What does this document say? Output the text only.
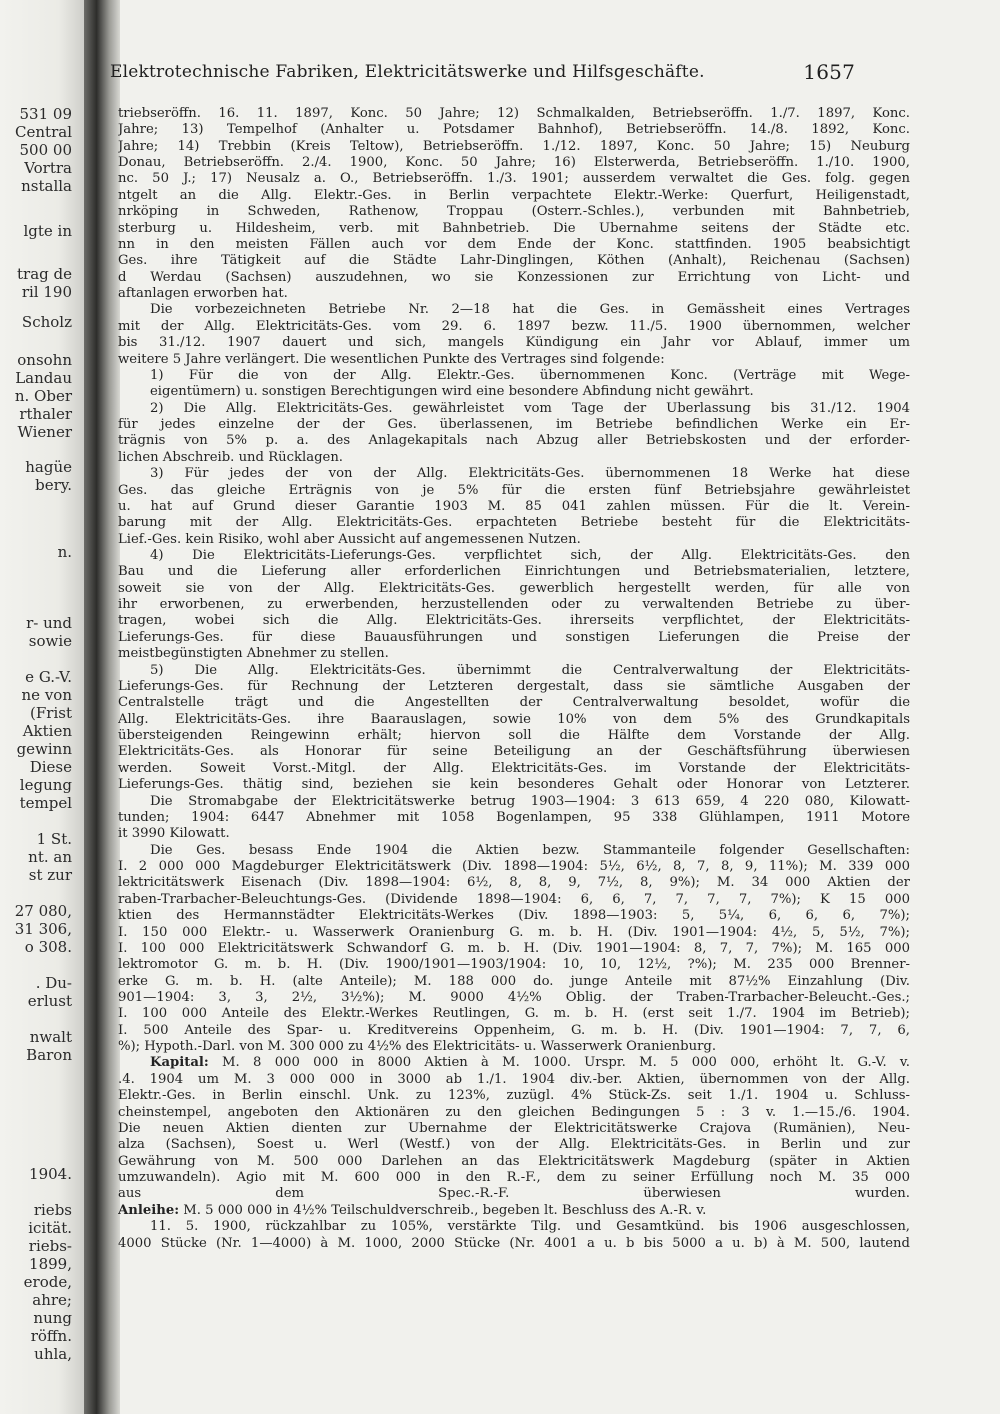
531 09
Central
500 00
Vortra
nstalla
lgte in
trag de
ril 190
Scholz
onsohn
Landau
n. Ober
rthaler
Wiener
hagüe
bery.
n.
r- und
sowie
e G.-V.
ne von
(Frist
Aktien
gewinn
Diese
legung
tempel
1 St.
nt. an
st zur
27 080,
31 306,
o 308.
. Du-
erlust
nwalt
Baron
1904.
riebs
icität.
riebs-
1899,
erode,
ahre;
nung
röffn.
uhla,
Elektrotechnische Fabriken, Elektricitätswerke und Hilfsgeschäfte.	1657
triebseröffn. 16. 11. 1897, Konc. 50 Jahre; 12) Schmalkalden, Betriebseröffn. 1./7. 1897, Konc.
Jahre; 13) Tempelhof (Anhalter u. Potsdamer Bahnhof), Betriebseröffn. 14./8. 1892, Konc.
Jahre; 14) Trebbin (Kreis Teltow), Betriebseröffn. 1./12. 1897, Konc. 50 Jahre; 15) Neuburg
Donau, Betriebseröffn. 2./4. 1900, Konc. 50 Jahre; 16) Elsterwerda, Betriebseröffn. 1./10. 1900,
nc. 50 J.; 17) Neusalz a. O., Betriebseröffn. 1./3. 1901; ausserdem verwaltet die Ges. folg. gegen
ntgelt an die Allg. Elektr.-Ges. in Berlin verpachtete Elektr.-Werke: Querfurt, Heiligenstadt,
nrköping in Schweden, Rathenow, Troppau (Österr.-Schles.), verbunden mit Bahnbetrieb,
sterburg u. Hildesheim, verb. mit Bahnbetrieb. Die Übernahme seitens der Städte etc.
nn in den meisten Fällen auch vor dem Ende der Konc. stattfinden. 1905 beabsichtigt
Ges. ihre Tätigkeit auf die Städte Lahr-Dinglingen, Köthen (Anhalt), Reichenau (Sachsen)
d Werdau (Sachsen) auszudehnen, wo sie Konzessionen zur Errichtung von Licht- und
aftanlagen erworben hat.
Die vorbezeichneten Betriebe Nr. 2—18 hat die Ges. in Gemässheit eines Vertrages
mit der Allg. Elektricitäts-Ges. vom 29. 6. 1897 bezw. 11./5. 1900 übernommen, welcher
bis 31./12. 1907 dauert und sich, mangels Kündigung ein Jahr vor Ablauf, immer um
weitere 5 Jahre verlängert. Die wesentlichen Punkte des Vertrages sind folgende:
1) Für die von der Allg. Elektr.-Ges. übernommenen Konc. (Verträge mit Wege-
eigentümern) u. sonstigen Berechtigungen wird eine besondere Abfindung nicht gewährt.
2) Die Allg. Elektricitäts-Ges. gewährleistet vom Tage der Überlassung bis 31./12. 1904
für jedes einzelne der der Ges. überlassenen, im Betriebe befindlichen Werke ein Er-
trägnis von 5% p. a. des Anlagekapitals nach Abzug aller Betriebskosten und der erforder-
lichen Abschreib. und Rücklagen.
3) Für jedes der von der Allg. Elektricitäts-Ges. übernommenen 18 Werke hat diese
Ges. das gleiche Erträgnis von je 5% für die ersten fünf Betriebsjahre gewährleistet
u. hat auf Grund dieser Garantie 1903 M. 85 041 zahlen müssen. Für die lt. Verein-
barung mit der Allg. Elektricitäts-Ges. erpachteten Betriebe besteht für die Elektricitäts-
Lief.-Ges. kein Risiko, wohl aber Aussicht auf angemessenen Nutzen.
4) Die Elektricitäts-Lieferungs-Ges. verpflichtet sich, der Allg. Elektricitäts-Ges. den
Bau und die Lieferung aller erforderlichen Einrichtungen und Betriebsmaterialien, letztere,
soweit sie von der Allg. Elektricitäts-Ges. gewerblich hergestellt werden, für alle von
ihr erworbenen, zu erwerbenden, herzustellenden oder zu verwaltenden Betriebe zu über-
tragen, wobei sich die Allg. Elektricitäts-Ges. ihrerseits verpflichtet, der Elektricitäts-
Lieferungs-Ges. für diese Bauausführungen und sonstigen Lieferungen die Preise der
meistbegünstigten Abnehmer zu stellen.
5) Die Allg. Elektricitäts-Ges. übernimmt die Centralverwaltung der Elektricitäts-
Lieferungs-Ges. für Rechnung der Letzteren dergestalt, dass sie sämtliche Ausgaben der
Centralstelle trägt und die Angestellten der Centralverwaltung besoldet, wofür die
Allg. Elektricitäts-Ges. ihre Baarauslagen, sowie 10% von dem 5% des Grundkapitals
übersteigenden Reingewinn erhält; hiervon soll die Hälfte dem Vorstande der Allg.
Elektricitäts-Ges. als Honorar für seine Beteiligung an der Geschäftsführung überwiesen
werden. Soweit Vorst.-Mitgl. der Allg. Elektricitäts-Ges. im Vorstande der Elektricitäts-
Lieferungs-Ges. thätig sind, beziehen sie kein besonderes Gehalt oder Honorar von Letzterer.
Die Stromabgabe der Elektricitätswerke betrug 1903—1904: 3 613 659, 4 220 080, Kilowatt-
tunden; 1904: 6447 Abnehmer mit 1058 Bogenlampen, 95 338 Glühlampen, 1911 Motore
it 3990 Kilowatt.
Die Ges. besass Ende 1904 die Aktien bezw. Stammanteile folgender Gesellschaften:
I. 2 000 000 Magdeburger Elektricitätswerk (Div. 1898—1904: 5½, 6½, 8, 7, 8, 9, 11%); M. 339 000
lektricitätswerk Eisenach (Div. 1898—1904: 6½, 8, 8, 9, 7½, 8, 9%); M. 34 000 Aktien der
raben-Trarbacher-Beleuchtungs-Ges. (Dividende 1898—1904: 6, 6, 7, 7, 7, 7, 7%); K 15 000
ktien des Hermannstädter Elektricitäts-Werkes (Div. 1898—1903: 5, 5¼, 6, 6, 6, 7%);
I. 150 000 Elektr.- u. Wasserwerk Oranienburg G. m. b. H. (Div. 1901—1904: 4½, 5, 5½, 7%);
I. 100 000 Elektricitätswerk Schwandorf G. m. b. H. (Div. 1901—1904: 8, 7, 7, 7%); M. 165 000
lektromotor G. m. b. H. (Div. 1900/1901—1903/1904: 10, 10, 12½, ?%); M. 235 000 Brenner-
erke G. m. b. H. (alte Anteile); M. 188 000 do. junge Anteile mit 87½% Einzahlung (Div.
901—1904: 3, 3, 2½, 3½%); M. 9000 4½% Oblig. der Traben-Trarbacher-Beleucht.-Ges.;
I. 100 000 Anteile des Elektr.-Werkes Reutlingen, G. m. b. H. (erst seit 1./7. 1904 im Betrieb);
I. 500 Anteile des Spar- u. Kreditvereins Oppenheim, G. m. b. H. (Div. 1901—1904: 7, 7, 6,
%); Hypoth.-Darl. von M. 300 000 zu 4½% des Elektricitäts- u. Wasserwerk Oranienburg.
Kapital: M. 8 000 000 in 8000 Aktien à M. 1000. Urspr. M. 5 000 000, erhöht lt. G.-V. v.
.4. 1904 um M. 3 000 000 in 3000 ab 1./1. 1904 div.-ber. Aktien, übernommen von der Allg.
Elektr.-Ges. in Berlin einschl. Unk. zu 123%, zuzügl. 4% Stück-Zs. seit 1./1. 1904 u. Schluss-
cheinstempel, angeboten den Aktionären zu den gleichen Bedingungen 5 : 3 v. 1.—15./6. 1904.
Die neuen Aktien dienten zur Übernahme der Elektricitätswerke Crajova (Rumänien), Neu-
alza (Sachsen), Soest u. Werl (Westf.) von der Allg. Elektricitäts-Ges. in Berlin und zur
Gewährung von M. 500 000 Darlehen an das Elektricitätswerk Magdeburg (später in Aktien
umzuwandeln). Agio mit M. 600 000 in den R.-F., dem zu seiner Erfüllung noch M. 35 000
aus dem Spec.-R.-F. überwiesen wurden.
Anleihe: M. 5 000 000 in 4½% Teilschuldverschreib., begeben lt. Beschluss des A.-R. v.
11. 5. 1900, rückzahlbar zu 105%, verstärkte Tilg. und Gesamtkünd. bis 1906 ausgeschlossen,
4000 Stücke (Nr. 1—4000) à M. 1000, 2000 Stücke (Nr. 4001 a u. b bis 5000 a u. b) à M. 500, lautend
